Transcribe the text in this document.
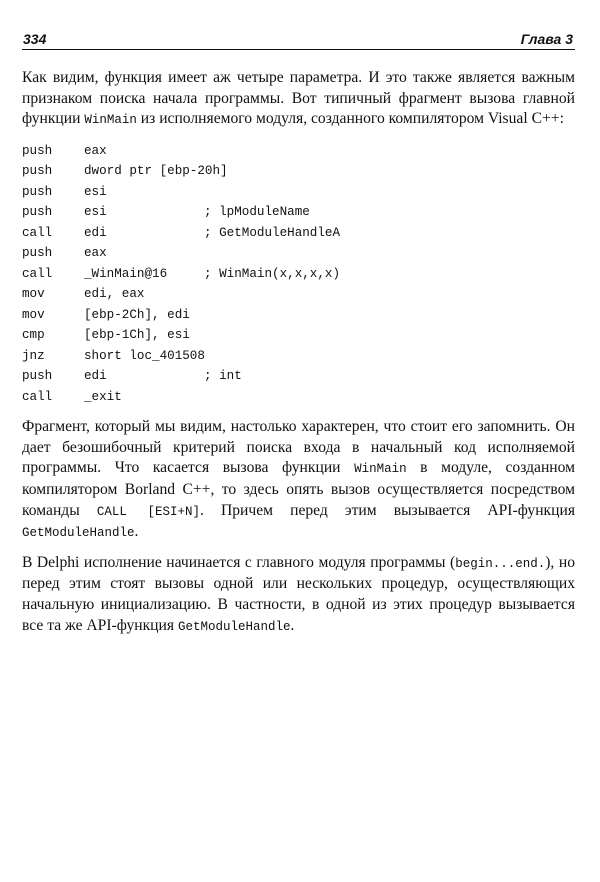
334	Глава 3

Как видим, функция имеет аж четыре параметра. И это также является важным признаком поиска начала программы. Вот типичный фрагмент вызова главной функции WinMain из исполняемого модуля, созданного компилятором Visual C++:

push	eax
push	dword ptr [ebp-20h]
push	esi
push	esi	; lpModuleName
call	edi	; GetModuleHandleA
push	eax
call	_WinMain@16	; WinMain(x,x,x,x)
mov	edi, eax
mov	[ebp-2Ch], edi
cmp	[ebp-1Ch], esi
jnz	short loc_401508
push	edi	; int
call	_exit

Фрагмент, который мы видим, настолько характерен, что стоит его запомнить. Он дает безошибочный критерий поиска входа в начальный код исполняемой программы. Что касается вызова функции WinMain в модуле, созданном компилятором Borland C++, то здесь опять вызов осуществляется посредством команды CALL [ESI+N]. Причем перед этим вызывается API-функция GetModuleHandle.

В Delphi исполнение начинается с главного модуля программы (begin...end.), но перед этим стоят вызовы одной или нескольких процедур, осуществляющих начальную инициализацию. В частности, в одной из этих процедур вызывается все та же API-функция GetModuleHandle.
